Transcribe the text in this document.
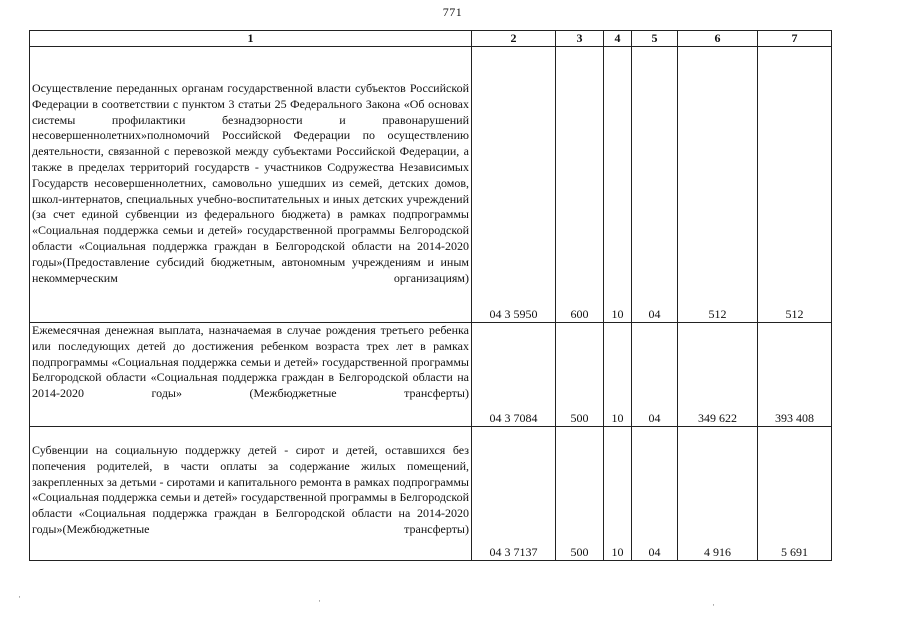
771
1	2	3	4	5	6	7

Осуществление переданных органам государственной власти субъектов Российской Федерации в соответствии с пунктом 3 статьи 25 Федерального Закона «Об основах системы профилактики безнадзорности и правонарушений несовершеннолетних»полномочий Российской Федерации по осуществлению деятельности, связанной с перевозкой между субъектами Российской Федерации, а также в пределах территорий государств - участников Содружества Независимых Государств несовершеннолетних, самовольно ушедших из семей, детских домов, школ-интернатов, специальных учебно-воспитательных и иных детских учреждений (за счет единой субвенции из федерального бюджета) в рамках подпрограммы «Социальная поддержка семьи и детей» государственной программы Белгородской области «Социальная поддержка граждан в Белгородской области на 2014-2020 годы»(Предоставление субсидий бюджетным, автономным учреждениям и иным некоммерческим организациям)	04 3 5950	600	10	04	512	512

Ежемесячная денежная выплата, назначаемая в случае рождения третьего ребенка или последующих детей до достижения ребенком возраста трех лет в рамках подпрограммы «Социальная поддержка семьи и детей» государственной программы Белгородской области «Социальная поддержка граждан в Белгородской области на 2014-2020 годы» (Межбюджетные трансферты)	04 3 7084	500	10	04	349 622	393 408

Субвенции на социальную поддержку детей - сирот и детей, оставшихся без попечения родителей, в части оплаты за содержание жилых помещений, закрепленных за детьми - сиротами и капитального ремонта в рамках подпрограммы «Социальная поддержка семьи и детей» государственной программы в Белгородской области «Социальная поддержка граждан в Белгородской области на 2014-2020 годы»(Межбюджетные трансферты)	04 3 7137	500	10	04	4 916	5 691
·	·	·
